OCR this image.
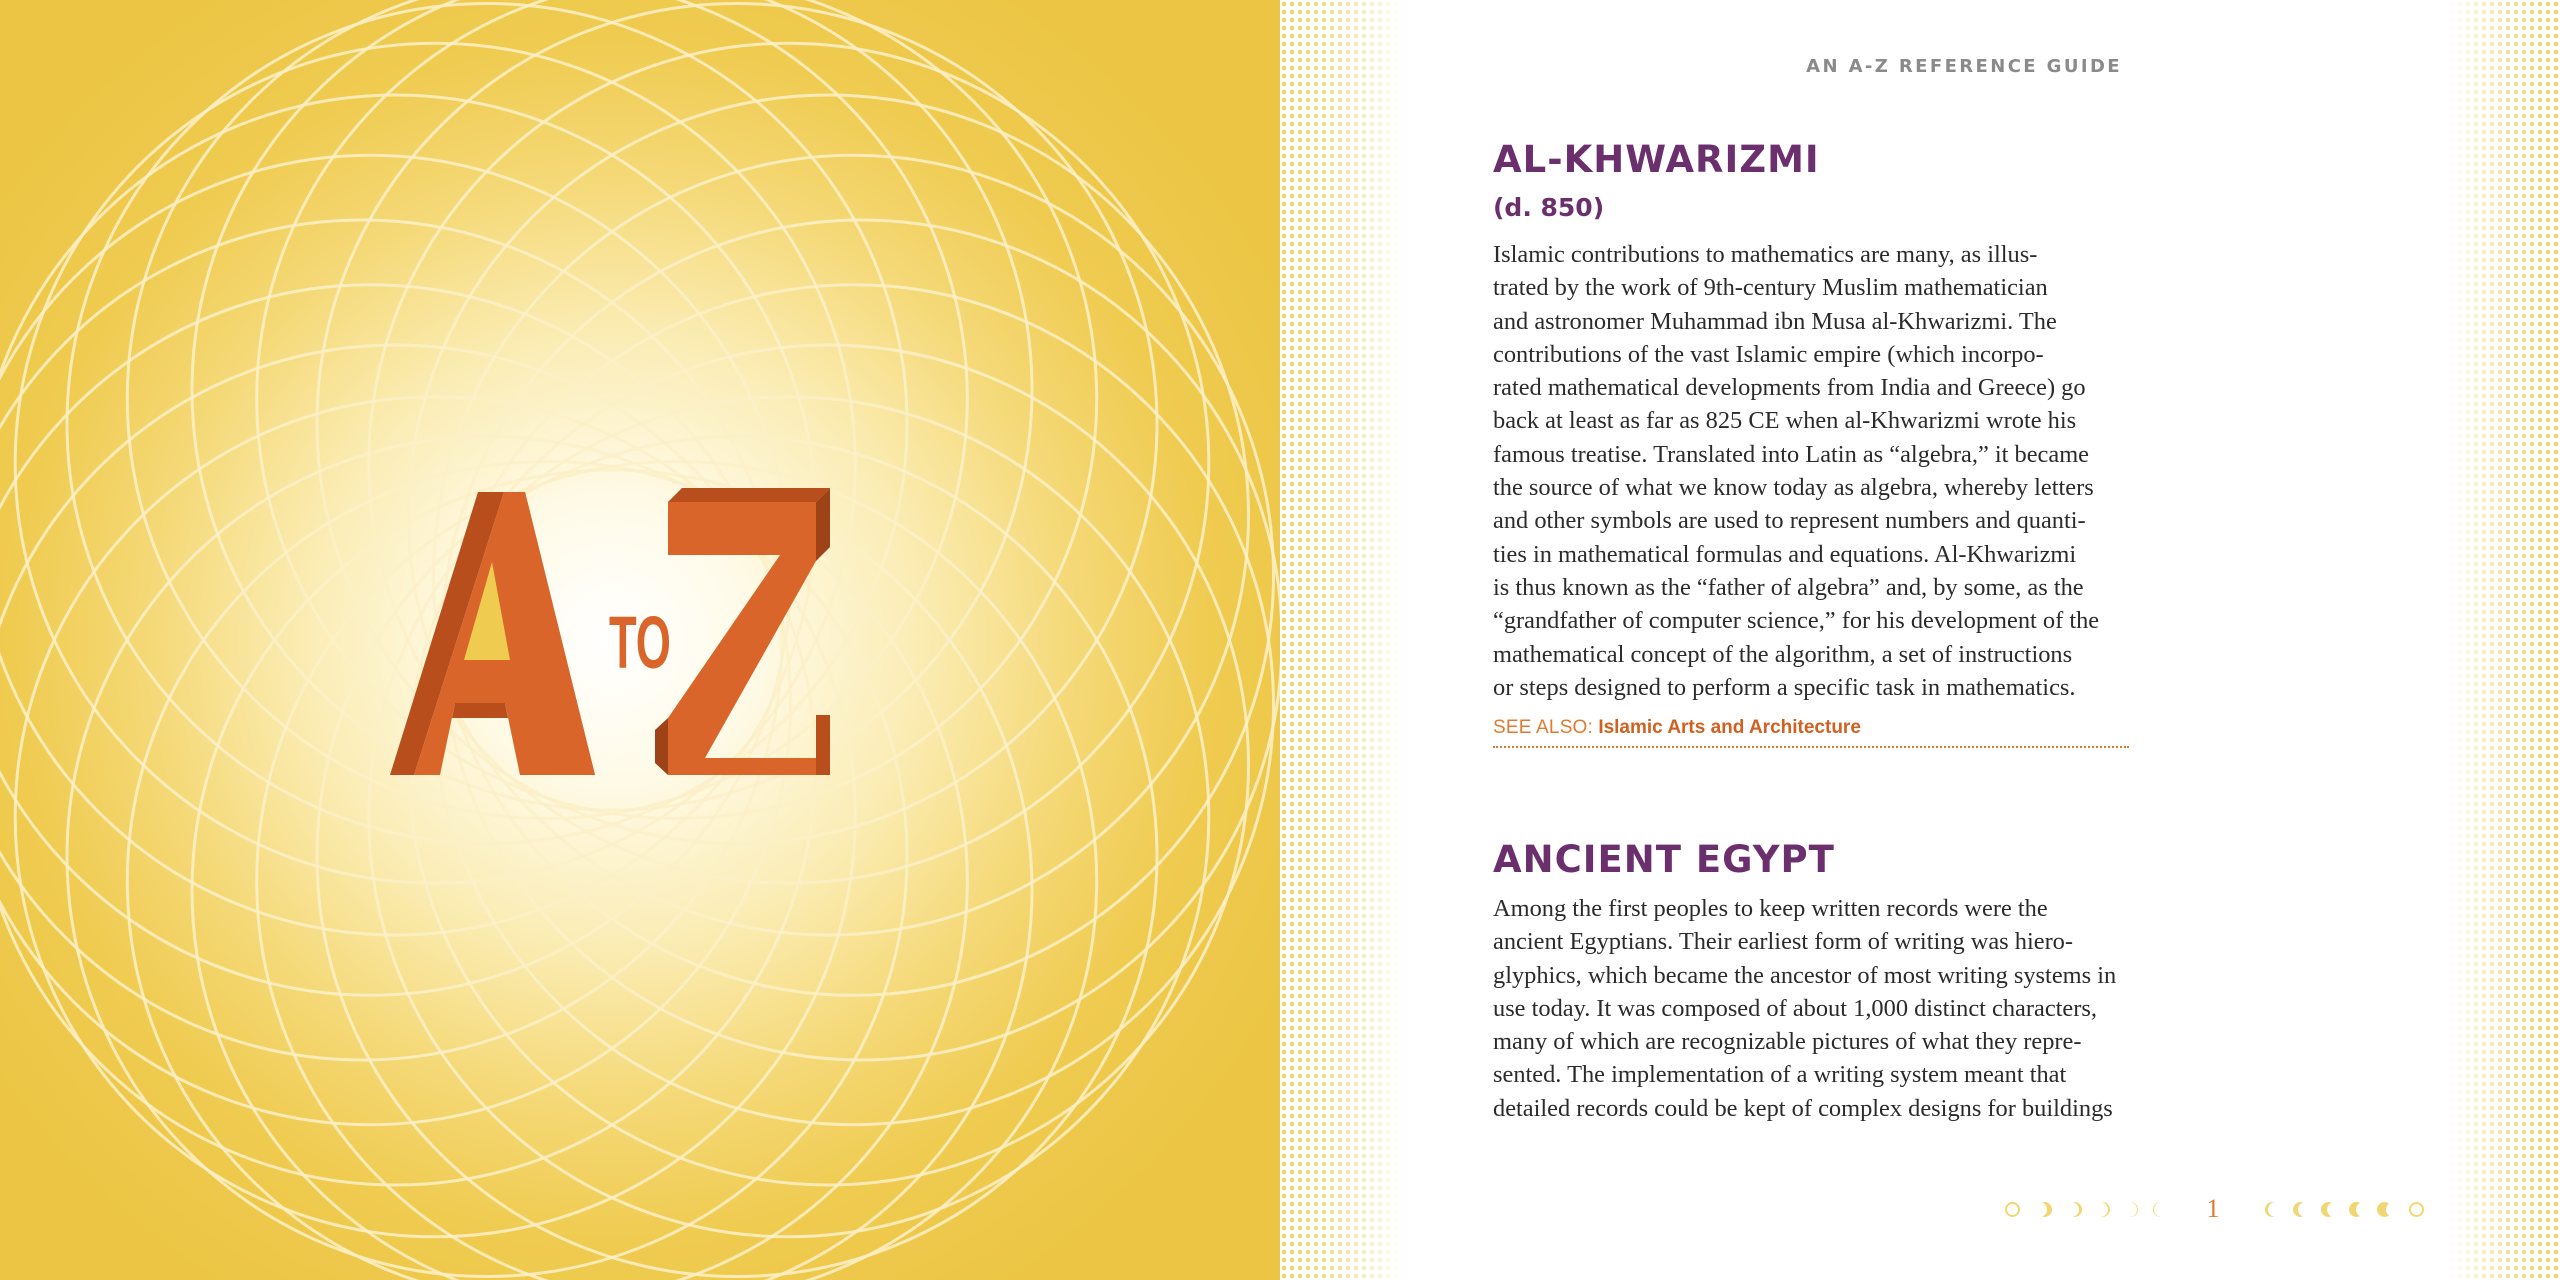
TO
AN A-Z REFERENCE GUIDE
AL-KHWARIZMI
(d. 850)
Islamic contributions to mathematics are many, as illus-
trated by the work of 9th-century Muslim mathematician
and astronomer Muhammad ibn Musa al-Khwarizmi. The
contributions of the vast Islamic empire (which incorpo-
rated mathematical developments from India and Greece) go
back at least as far as 825 CE when al-Khwarizmi wrote his
famous treatise. Translated into Latin as “algebra,” it became
the source of what we know today as algebra, whereby letters
and other symbols are used to represent numbers and quanti-
ties in mathematical formulas and equations. Al-Khwarizmi
is thus known as the “father of algebra” and, by some, as the
“grandfather of computer science,” for his development of the
mathematical concept of the algorithm, a set of instructions
or steps designed to perform a specific task in mathematics.
SEE ALSO: Islamic Arts and Architecture
ANCIENT EGYPT
Among the first peoples to keep written records were the
ancient Egyptians. Their earliest form of writing was hiero-
glyphics, which became the ancestor of most writing systems in
use today. It was composed of about 1,000 distinct characters,
many of which are recognizable pictures of what they repre-
sented. The implementation of a writing system meant that
detailed records could be kept of complex designs for buildings
1
